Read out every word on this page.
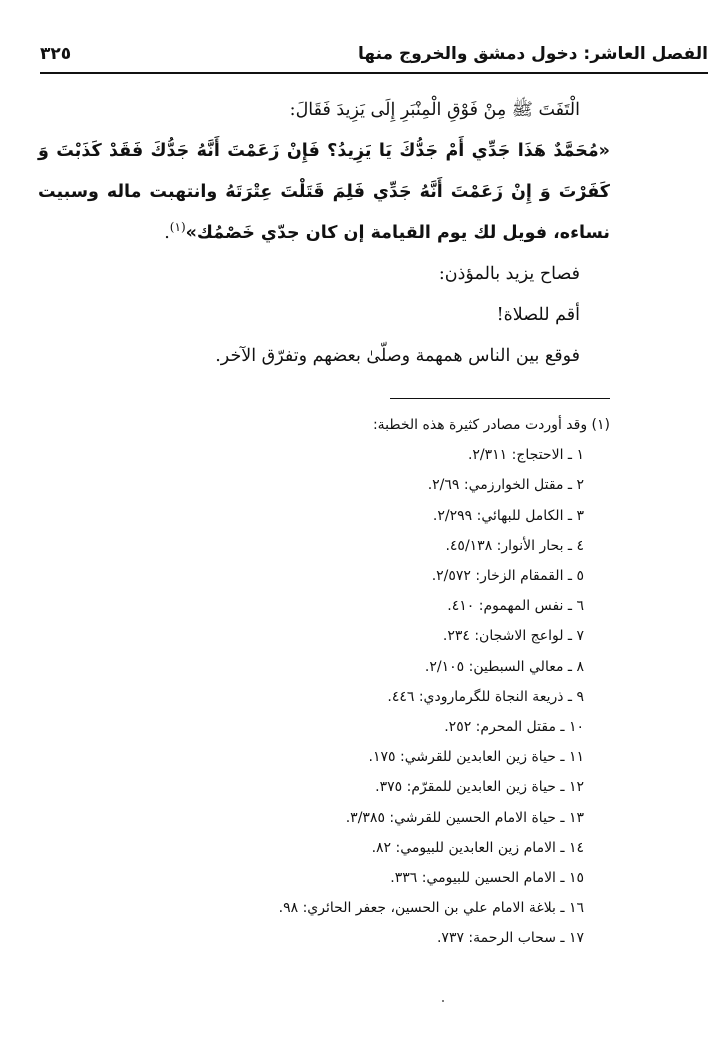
الفصل العاشر: دخول دمشق والخروج منها
٣٢٥

الْتَفَتَ ﷺ مِنْ فَوْقِ الْمِنْبَرِ إِلَى يَزِيدَ فَقَالَ:

«مُحَمَّدٌ هَذَا جَدِّي أَمْ جَدُّكَ يَا يَزِيدُ؟ فَإِنْ زَعَمْتَ أَنَّهُ جَدُّكَ فَقَدْ كَذَبْتَ وَ كَفَرْتَ وَ إِنْ زَعَمْتَ أَنَّهُ جَدِّي فَلِمَ قَتَلْتَ عِتْرَتَهُ وانتهبت ماله وسبيت نساءه، فويل لك يوم القيامة إن كان جدّي خَصْمُك»$^{(١)}$.

فصاح يزيد بالمؤذن:

أقم للصلاة!

فوقع بين الناس همهمة وصلّىٰ بعضهم وتفرّق الآخر.

(١) وقد أوردت مصادر كثيرة هذه الخطبة:

١ ـ الاحتجاج: ٢/٣١١.
٢ ـ مقتل الخوارزمي: ٢/٦٩.
٣ ـ الكامل للبهائي: ٢/٢٩٩.
٤ ـ بحار الأنوار: ٤٥/١٣٨.
٥ ـ القمقام الزخار: ٢/٥٧٢.
٦ ـ نفس المهموم: ٤١٠.
٧ ـ لواعج الاشجان: ٢٣٤.
٨ ـ معالي السبطين: ٢/١٠٥.
٩ ـ ذريعة النجاة للگرمارودي: ٤٤٦.
١٠ ـ مقتل المحرم: ٢٥٢.
١١ ـ حياة زين العابدين للقرشي: ١٧٥.
١٢ ـ حياة زين العابدين للمقرّم: ٣٧٥.
١٣ ـ حياة الامام الحسين للقرشي: ٣/٣٨٥.
١٤ ـ الامام زين العابدين للبيومي: ٨٢.
١٥ ـ الامام الحسين للبيومي: ٣٣٦.
١٦ ـ بلاغة الامام علي بن الحسين، جعفر الحائري: ٩٨.
١٧ ـ سحاب الرحمة: ٧٣٧.
